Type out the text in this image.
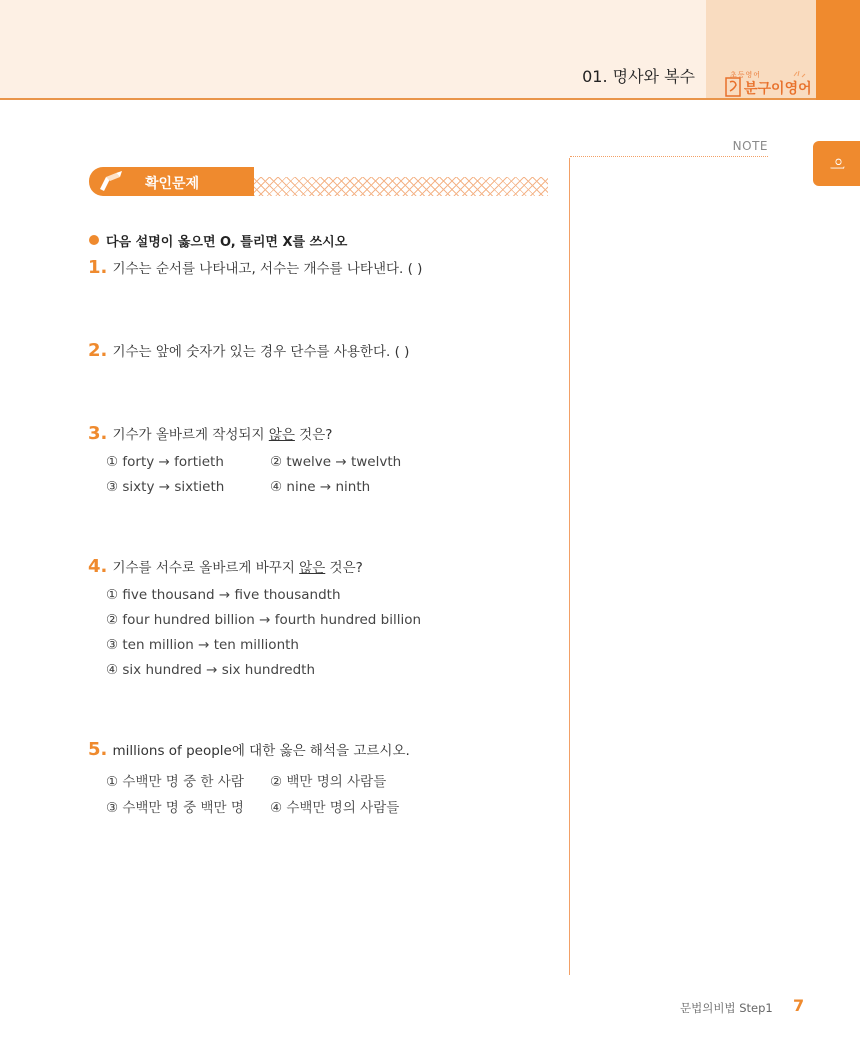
01. 명사와 복수	초등영어
분구이영어
이
NOTE
확인문제
다음 설명이 옳으면 O, 틀리면 X를 쓰시오
1. 기수는 순서를 나타내고, 서수는 개수를 나타낸다. ( )
2. 기수는 앞에 숫자가 있는 경우 단수를 사용한다. ( )
3. 기수가 올바르게 작성되지 않은 것은?
① forty → fortieth	② twelve → twelvth
③ sixty → sixtieth	④ nine → ninth
4. 기수를 서수로 올바르게 바꾸지 않은 것은?
① five thousand → five thousandth
② four hundred billion → fourth hundred billion
③ ten million → ten millionth
④ six hundred → six hundredth
5. millions of people에 대한 옳은 해석을 고르시오.
① 수백만 명 중 한 사람 ② 백만 명의 사람들
③ 수백만 명 중 백만 명 ④ 수백만 명의 사람들
문법의비법 Step1 7
